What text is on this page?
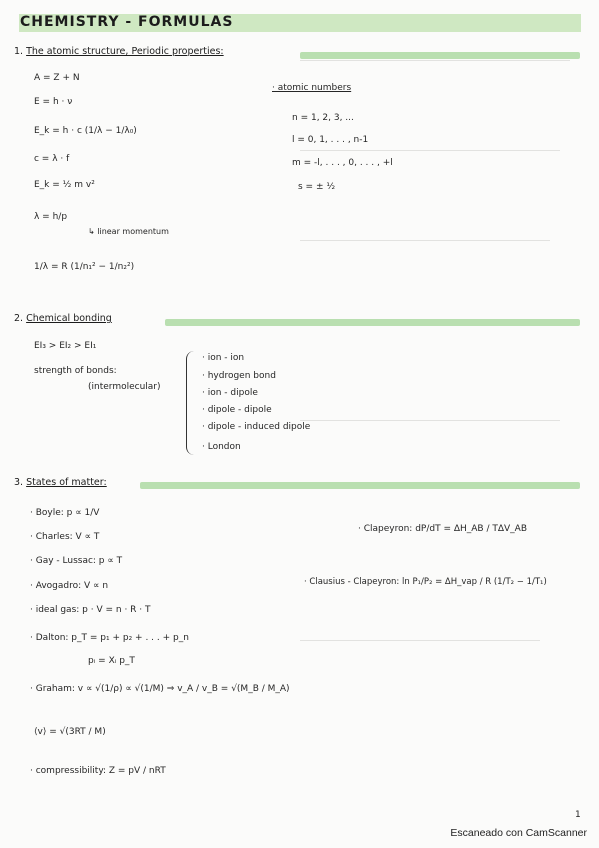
CHEMISTRY - FORMULAS
1. The atomic structure, Periodic properties:
A = Z + N
E = h · ν
E_k = h · c (1/λ − 1/λ₀)
c = λ · f
E_k = ½ m v²
λ = h/p
↳ linear momentum
1/λ = R (1/n₁² − 1/n₂²)
· atomic numbers
n = 1, 2, 3, ...
l = 0, 1, . . . , n-1
m = -l, . . . , 0, . . . , +l
s = ± ½
2. Chemical bonding
EI₃ > EI₂ > EI₁
strength of bonds:
(intermolecular)
· ion - ion
· hydrogen bond
· ion - dipole
· dipole - dipole
· dipole - induced dipole
· London
3. States of matter:
· Boyle: p ∝ 1/V
· Charles: V ∝ T
· Gay - Lussac: p ∝ T
· Avogadro: V ∝ n
· ideal gas: p · V = n · R · T
· Dalton: p_T = p₁ + p₂ + . . . + p_n
pᵢ = Xᵢ p_T
· Graham: v ∝ √(1/ρ) ∝ √(1/M) ⇒ v_A / v_B = √(M_B / M_A)
⟨v⟩ = √(3RT / M)
· compressibility: Z = pV / nRT
· Clapeyron: dP/dT = ΔH_AB / TΔV_AB
· Clausius - Clapeyron: ln P₁/P₂ = ΔH_vap / R (1/T₂ − 1/T₁)
1
Escaneado con CamScanner
